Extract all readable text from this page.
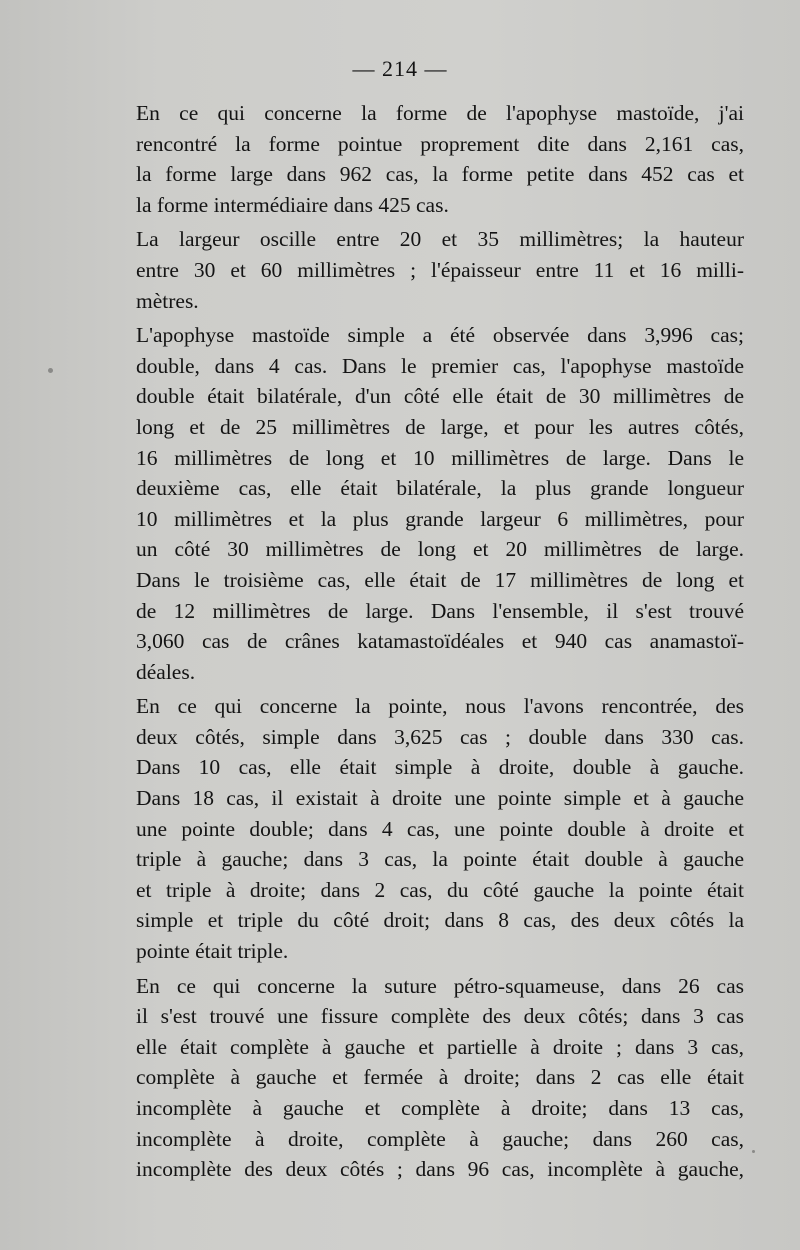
— 214 —

En ce qui concerne la forme de l'apophyse mastoïde, j'ai
rencontré la forme pointue proprement dite dans 2,161 cas,
la forme large dans 962 cas, la forme petite dans 452 cas et
la forme intermédiaire dans 425 cas.

La largeur oscille entre 20 et 35 millimètres; la hauteur
entre 30 et 60 millimètres ; l'épaisseur entre 11 et 16 milli-
mètres.

L'apophyse mastoïde simple a été observée dans 3,996 cas;
double, dans 4 cas. Dans le premier cas, l'apophyse mastoïde
double était bilatérale, d'un côté elle était de 30 millimètres de
long et de 25 millimètres de large, et pour les autres côtés,
16 millimètres de long et 10 millimètres de large. Dans le
deuxième cas, elle était bilatérale, la plus grande longueur
10 millimètres et la plus grande largeur 6 millimètres, pour
un côté 30 millimètres de long et 20 millimètres de large.
Dans le troisième cas, elle était de 17 millimètres de long et
de 12 millimètres de large. Dans l'ensemble, il s'est trouvé
3,060 cas de crânes katamastoïdéales et 940 cas anamastoï-
déales.

En ce qui concerne la pointe, nous l'avons rencontrée, des
deux côtés, simple dans 3,625 cas ; double dans 330 cas.
Dans 10 cas, elle était simple à droite, double à gauche.
Dans 18 cas, il existait à droite une pointe simple et à gauche
une pointe double; dans 4 cas, une pointe double à droite et
triple à gauche; dans 3 cas, la pointe était double à gauche
et triple à droite; dans 2 cas, du côté gauche la pointe était
simple et triple du côté droit; dans 8 cas, des deux côtés la
pointe était triple.

En ce qui concerne la suture pétro-squameuse, dans 26 cas
il s'est trouvé une fissure complète des deux côtés; dans 3 cas
elle était complète à gauche et partielle à droite ; dans 3 cas,
complète à gauche et fermée à droite; dans 2 cas elle était
incomplète à gauche et complète à droite; dans 13 cas,
incomplète à droite, complète à gauche; dans 260 cas,
incomplète des deux côtés ; dans 96 cas, incomplète à gauche,
